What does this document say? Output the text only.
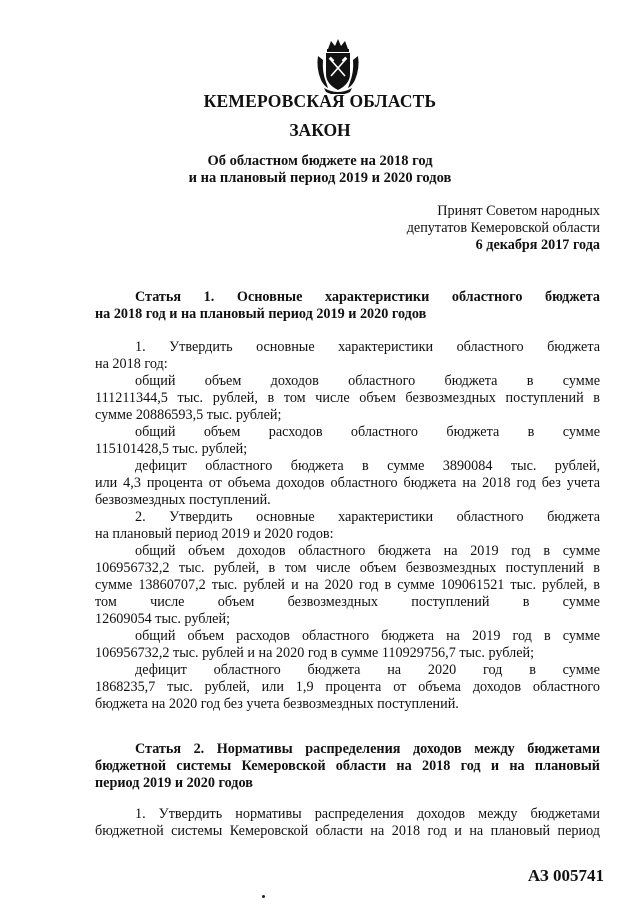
КЕМЕРОВСКАЯ ОБЛАСТЬ
ЗАКОН
Об областном бюджете на 2018 год
и на плановый период 2019 и 2020 годов
Принят Советом народных
депутатов Кемеровской области
6 декабря 2017 года
Статья 1. Основные характеристики областного бюджета
на 2018 год и на плановый период 2019 и 2020 годов
1. Утвердить основные характеристики областного бюджета
на 2018 год:
общий объем доходов областного бюджета в сумме
111211344,5 тыс. рублей, в том числе объем безвозмездных поступлений в
сумме 20886593,5 тыс. рублей;
общий объем расходов областного бюджета в сумме
115101428,5 тыс. рублей;
дефицит областного бюджета в сумме 3890084 тыс. рублей,
или 4,3 процента от объема доходов областного бюджета на 2018 год без учета
безвозмездных поступлений.
2. Утвердить основные характеристики областного бюджета
на плановый период 2019 и 2020 годов:
общий объем доходов областного бюджета на 2019 год в сумме
106956732,2 тыс. рублей, в том числе объем безвозмездных поступлений в
сумме 13860707,2 тыс. рублей и на 2020 год в сумме 109061521 тыс. рублей, в
том числе объем безвозмездных поступлений в сумме
12609054 тыс. рублей;
общий объем расходов областного бюджета на 2019 год в сумме
106956732,2 тыс. рублей и на 2020 год в сумме 110929756,7 тыс. рублей;
дефицит областного бюджета на 2020 год в сумме
1868235,7 тыс. рублей, или 1,9 процента от объема доходов областного
бюджета на 2020 год без учета безвозмездных поступлений.
Статья 2. Нормативы распределения доходов между бюджетами
бюджетной системы Кемеровской области на 2018 год и на плановый
период 2019 и 2020 годов
1. Утвердить нормативы распределения доходов между бюджетами
бюджетной системы Кемеровской области на 2018 год и на плановый период
АЗ 005741
